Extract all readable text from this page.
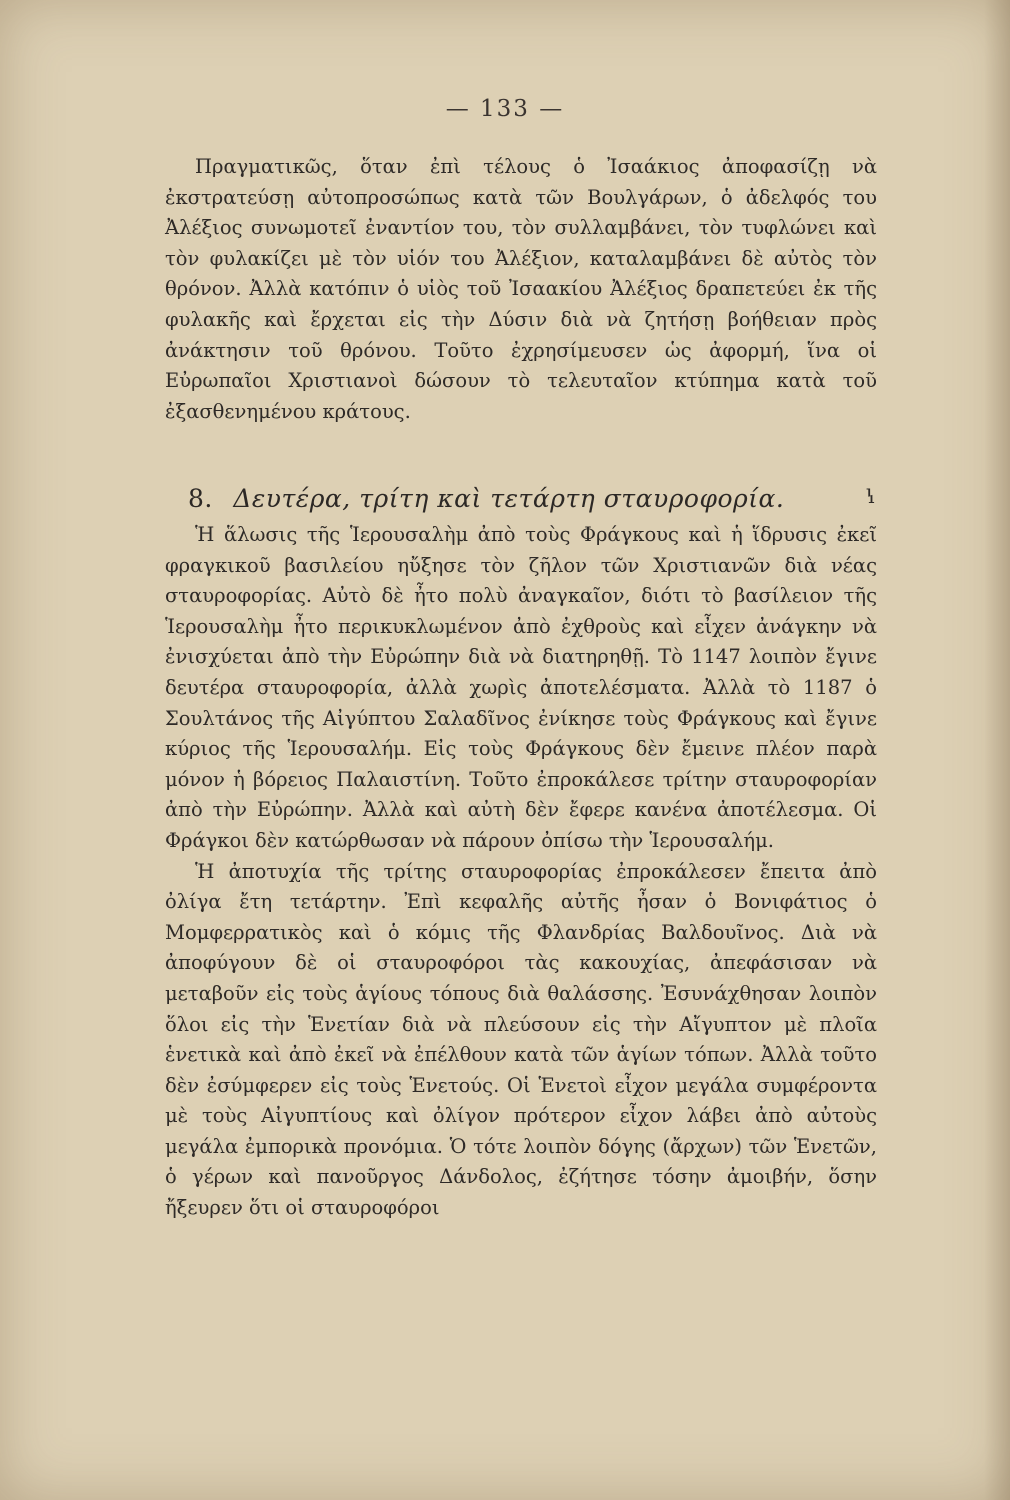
— 133 —

Πραγματικῶς, ὅταν ἐπὶ τέλους ὁ Ἰσαάκιος ἀποφασίζῃ νὰ ἐκστρατεύσῃ αὐτοπροσώπως κατὰ τῶν Βουλγάρων, ὁ ἀδελφός του Ἀλέξιος συνωμοτεῖ ἐναντίον του, τὸν συλλαμβάνει, τὸν τυφλώνει καὶ τὸν φυλακίζει μὲ τὸν υἱόν του Ἀλέξιον, καταλαμβάνει δὲ αὐτὸς τὸν θρόνον. Ἀλλὰ κατόπιν ὁ υἱὸς τοῦ Ἰσαακίου Ἀλέξιος δραπετεύει ἐκ τῆς φυλακῆς καὶ ἔρχεται εἰς τὴν Δύσιν διὰ νὰ ζητήσῃ βοήθειαν πρὸς ἀνάκτησιν τοῦ θρόνου. Τοῦτο ἐχρησίμευσεν ὡς ἀφορμή, ἵνα οἱ Εὐρωπαῖοι Χριστιανοὶ δώσουν τὸ τελευταῖον κτύπημα κατὰ τοῦ ἐξασθενημένου κράτους.

8. Δευτέρα, τρίτη καὶ τετάρτη σταυροφορία.	ꝇ

Ἡ ἅλωσις τῆς Ἱερουσαλὴμ ἀπὸ τοὺς Φράγκους καὶ ἡ ἵδρυσις ἐκεῖ φραγκικοῦ βασιλείου ηὔξησε τὸν ζῆλον τῶν Χριστιανῶν διὰ νέας σταυροφορίας. Αὐτὸ δὲ ἦτο πολὺ ἀναγκαῖον, διότι τὸ βασίλειον τῆς Ἱερουσαλὴμ ἦτο περικυκλωμένον ἀπὸ ἐχθροὺς καὶ εἶχεν ἀνάγκην νὰ ἐνισχύεται ἀπὸ τὴν Εὐρώπην διὰ νὰ διατηρηθῇ. Τὸ 1147 λοιπὸν ἔγινε δευτέρα σταυροφορία, ἀλλὰ χωρὶς ἀποτελέσματα. Ἀλλὰ τὸ 1187 ὁ Σουλτάνος τῆς Αἰγύπτου Σαλαδῖνος ἐνίκησε τοὺς Φράγκους καὶ ἔγινε κύριος τῆς Ἱερουσαλήμ. Εἰς τοὺς Φράγκους δὲν ἔμεινε πλέον παρὰ μόνον ἡ βόρειος Παλαιστίνη. Τοῦτο ἐπροκάλεσε τρίτην σταυροφορίαν ἀπὸ τὴν Εὐρώπην. Ἀλλὰ καὶ αὐτὴ δὲν ἔφερε κανένα ἀποτέλεσμα. Οἱ Φράγκοι δὲν κατώρθωσαν νὰ πάρουν ὀπίσω τὴν Ἱερουσαλήμ.

Ἡ ἀποτυχία τῆς τρίτης σταυροφορίας ἐπροκάλεσεν ἔπειτα ἀπὸ ὀλίγα ἔτη τετάρτην. Ἐπὶ κεφαλῆς αὐτῆς ἦσαν ὁ Βονιφάτιος ὁ Μομφερρατικὸς καὶ ὁ κόμις τῆς Φλανδρίας Βαλδουῖνος. Διὰ νὰ ἀποφύγουν δὲ οἱ σταυροφόροι τὰς κακουχίας, ἀπεφάσισαν νὰ μεταβοῦν εἰς τοὺς ἁγίους τόπους διὰ θαλάσσης. Ἐσυνάχθησαν λοιπὸν ὅλοι εἰς τὴν Ἑνετίαν διὰ νὰ πλεύσουν εἰς τὴν Αἴγυπτον μὲ πλοῖα ἑνετικὰ καὶ ἀπὸ ἐκεῖ νὰ ἐπέλθουν κατὰ τῶν ἁγίων τόπων. Ἀλλὰ τοῦτο δὲν ἐσύμφερεν εἰς τοὺς Ἑνετούς. Οἱ Ἑνετοὶ εἶχον μεγάλα συμφέροντα μὲ τοὺς Αἰγυπτίους καὶ ὀλίγον πρότερον εἶχον λάβει ἀπὸ αὐτοὺς μεγάλα ἐμπορικὰ προνόμια. Ὁ τότε λοιπὸν δόγης (ἄρχων) τῶν Ἑνετῶν, ὁ γέρων καὶ πανοῦργος Δάνδολος, ἐζήτησε τόσην ἀμοιβήν, ὅσην ἤξευρεν ὅτι οἱ σταυροφόροι
